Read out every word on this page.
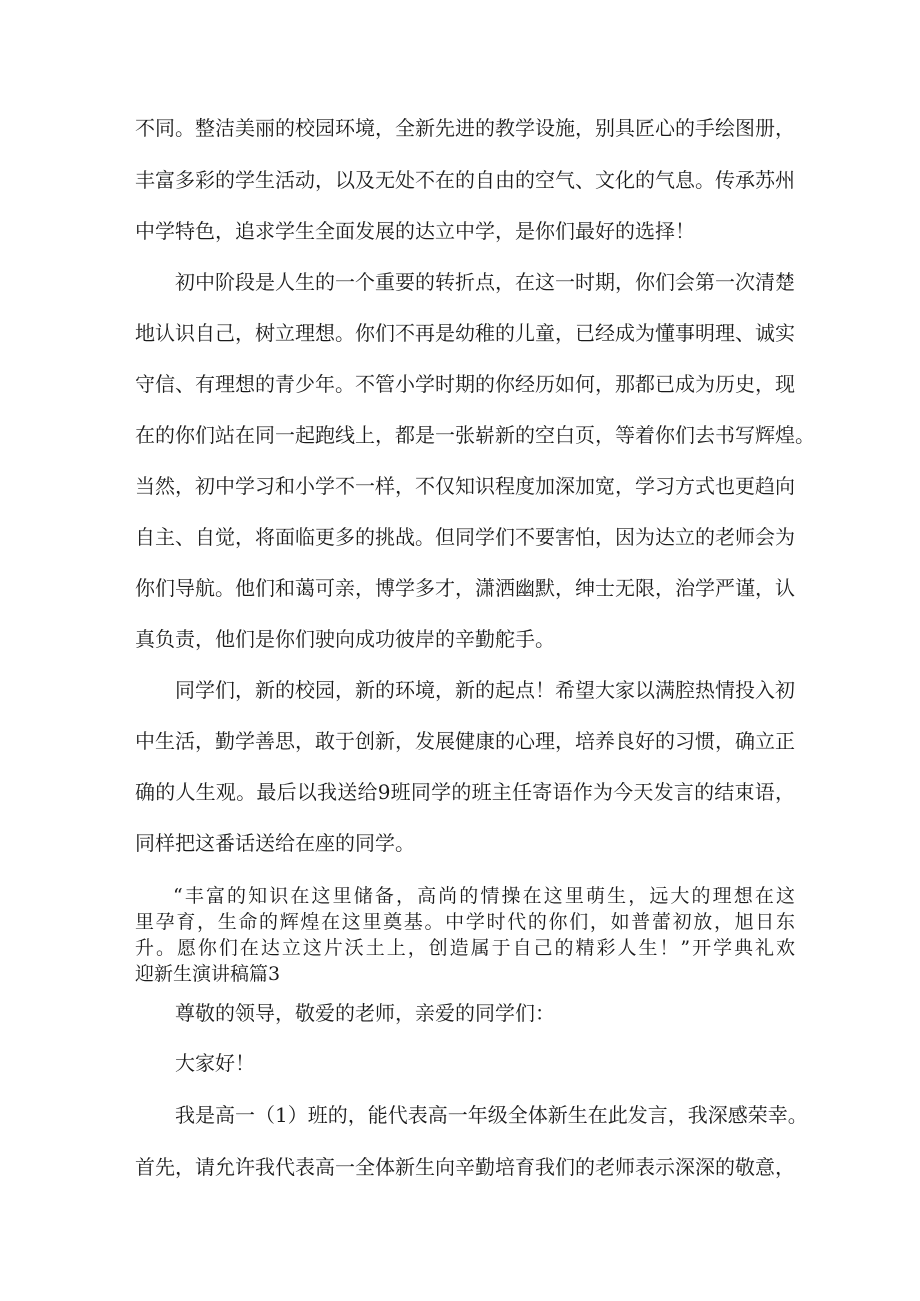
不同。整洁美丽的校园环境，全新先进的教学设施，别具匠心的手绘图册，
丰富多彩的学生活动，以及无处不在的自由的空气、文化的气息。传承苏州
中学特色，追求学生全面发展的达立中学，是你们最好的选择！
初中阶段是人生的一个重要的转折点，在这一时期，你们会第一次清楚
地认识自己，树立理想。你们不再是幼稚的儿童，已经成为懂事明理、诚实
守信、有理想的青少年。不管小学时期的你经历如何，那都已成为历史，现
在的你们站在同一起跑线上，都是一张崭新的空白页，等着你们去书写辉煌。
当然，初中学习和小学不一样，不仅知识程度加深加宽，学习方式也更趋向
自主、自觉，将面临更多的挑战。但同学们不要害怕，因为达立的老师会为
你们导航。他们和蔼可亲，博学多才，潇洒幽默，绅士无限，治学严谨，认
真负责，他们是你们驶向成功彼岸的辛勤舵手。
同学们，新的校园，新的环境，新的起点！希望大家以满腔热情投入初
中生活，勤学善思，敢于创新，发展健康的心理，培养良好的习惯，确立正
确的人生观。最后以我送给9班同学的班主任寄语作为今天发言的结束语，
同样把这番话送给在座的同学。
“丰富的知识在这里储备，高尚的情操在这里萌生，远大的理想在这
里孕育，生命的辉煌在这里奠基。中学时代的你们，如普蕾初放，旭日东
升。愿你们在达立这片沃土上，创造属于自己的精彩人生！”开学典礼欢
迎新生演讲稿篇3
尊敬的领导，敬爱的老师，亲爱的同学们：
大家好！
我是高一（1）班的，能代表高一年级全体新生在此发言，我深感荣幸。
首先，请允许我代表高一全体新生向辛勤培育我们的老师表示深深的敬意，
